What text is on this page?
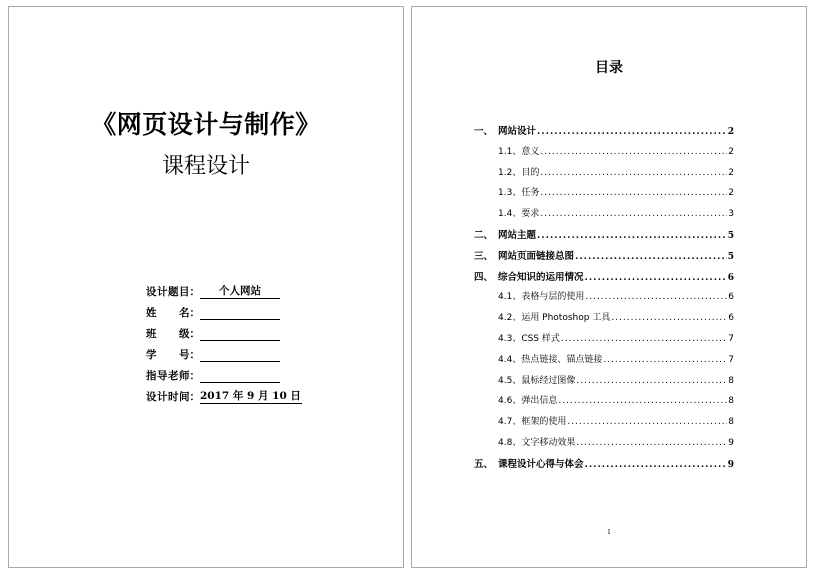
《网页设计与制作》
课程设计
设 计 题 目：	个人网站
姓 名：
班 级：
学 号：
指 导 老 师：
设 计 时 间： 2017 年 9 月 10 日
目录
一、 网站设计 .....	2
1.1、意义 .....	2
1.2、目的 .....	2
1.3、任务 .....	2
1.4、要求 .....	3
二、 网站主题 .....	5
三、 网站页面链接总图 .....	5
四、 综合知识的运用情况 .....	6
4.1、表格与层的使用 .....	6
4.2、运用 Photoshop 工具 .....	6
4.3、CSS 样式 .....	7
4.4、热点链接、锚点链接 .....	7
4.5、鼠标经过图像 .....	8
4.6、弹出信息 .....	8
4.7、框架的使用 .....	8
4.8、文字移动效果 .....	9
五、 课程设计心得与体会 .....	9
1
